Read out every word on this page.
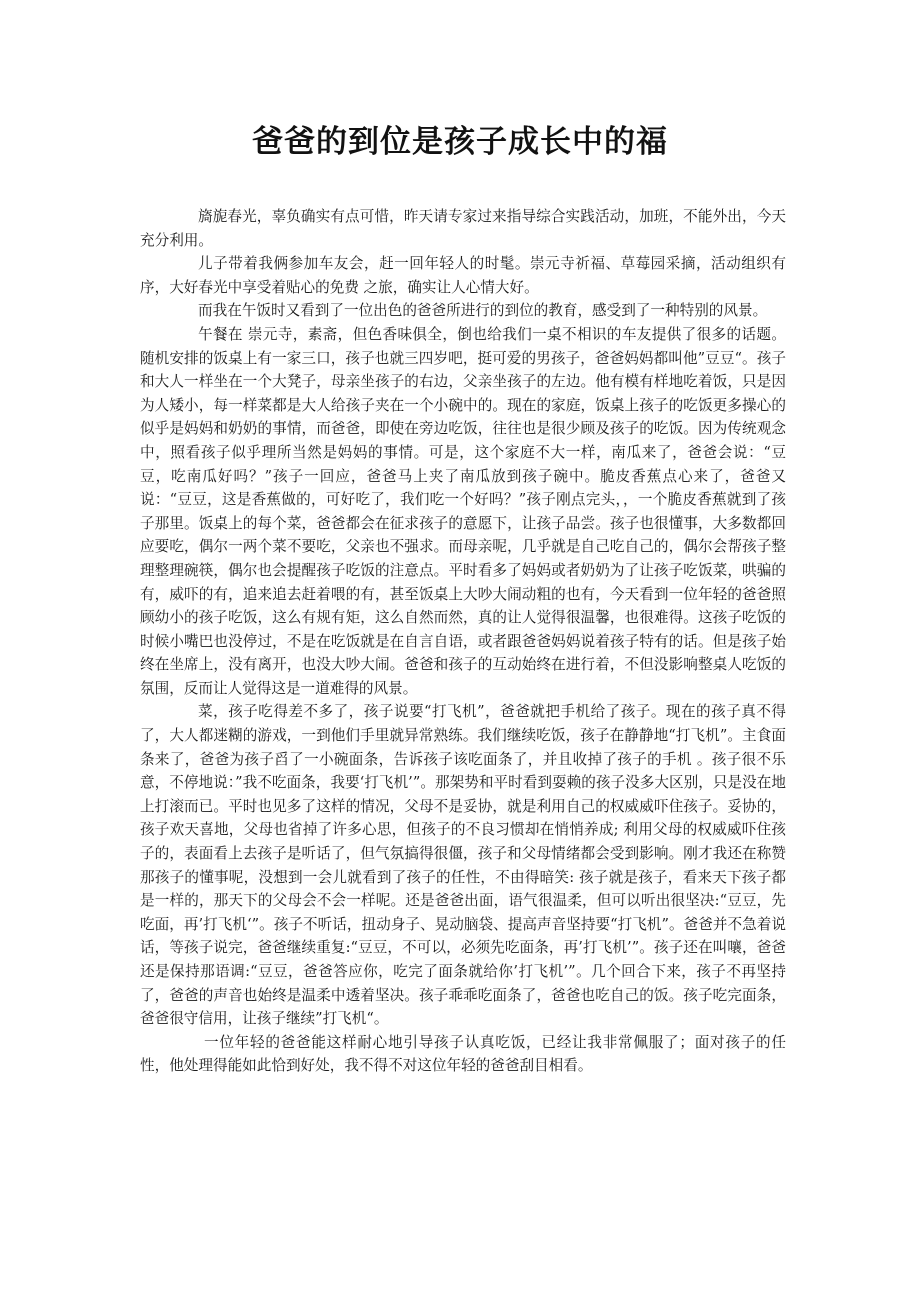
爸爸的到位是孩子成长中的福

旖旎春光，辜负确实有点可惜，昨天请专家过来指导综合实践活动，加班，不能外出，今天充分利用。

儿子带着我俩参加车友会，赶一回年轻人的时髦。崇元寺祈福、草莓园采摘，活动组织有序，大好春光中享受着贴心的免费 之旅，确实让人心情大好。

而我在午饭时又看到了一位出色的爸爸所进行的到位的教育，感受到了一种特别的风景。

午餐在 崇元寺，素斋，但色香味俱全，倒也给我们一桌不相识的车友提供了很多的话题。随机安排的饭桌上有一家三口，孩子也就三四岁吧，挺可爱的男孩子，爸爸妈妈都叫他”豆豆“。孩子和大人一样坐在一个大凳子，母亲坐孩子的右边，父亲坐孩子的左边。他有模有样地吃着饭，只是因为人矮小，每一样菜都是大人给孩子夹在一个小碗中的。现在的家庭，饭桌上孩子的吃饭更多操心的似乎是妈妈和奶奶的事情，而爸爸，即使在旁边吃饭，往往也是很少顾及孩子的吃饭。因为传统观念中，照看孩子似乎理所当然是妈妈的事情。可是，这个家庭不大一样，南瓜来了，爸爸会说：“豆豆，吃南瓜好吗？”孩子一回应，爸爸马上夹了南瓜放到孩子碗中。脆皮香蕉点心来了，爸爸又说：“豆豆，这是香蕉做的，可好吃了，我们吃一个好吗？”孩子刚点完头，，一个脆皮香蕉就到了孩子那里。饭桌上的每个菜，爸爸都会在征求孩子的意愿下，让孩子品尝。孩子也很懂事，大多数都回应要吃，偶尔一两个菜不要吃，父亲也不强求。而母亲呢，几乎就是自己吃自己的，偶尔会帮孩子整理整理碗筷，偶尔也会提醒孩子吃饭的注意点。平时看多了妈妈或者奶奶为了让孩子吃饭菜，哄骗的有，威吓的有，追来追去赶着喂的有，甚至饭桌上大吵大闹动粗的也有，今天看到一位年轻的爸爸照顾幼小的孩子吃饭，这么有规有矩，这么自然而然，真的让人觉得很温馨，也很难得。这孩子吃饭的时候小嘴巴也没停过，不是在吃饭就是在自言自语，或者跟爸爸妈妈说着孩子特有的话。但是孩子始终在坐席上，没有离开，也没大吵大闹。爸爸和孩子的互动始终在进行着，不但没影响整桌人吃饭的氛围，反而让人觉得这是一道难得的风景。

菜，孩子吃得差不多了，孩子说要“打飞机”，爸爸就把手机给了孩子。现在的孩子真不得了，大人都迷糊的游戏，一到他们手里就异常熟练。我们继续吃饭，孩子在静静地“打飞机”。主食面条来了，爸爸为孩子舀了一小碗面条，告诉孩子该吃面条了，并且收掉了孩子的手机 。孩子很不乐意，不停地说：”我不吃面条，我要‘打飞机’”。那架势和平时看到耍赖的孩子没多大区别，只是没在地上打滚而已。平时也见多了这样的情况，父母不是妥协，就是利用自己的权威威吓住孩子。妥协的，孩子欢天喜地，父母也省掉了许多心思，但孩子的不良习惯却在悄悄养成; 利用父母的权威威吓住孩子的，表面看上去孩子是听话了，但气氛搞得很僵，孩子和父母情绪都会受到影响。刚才我还在称赞那孩子的懂事呢，没想到一会儿就看到了孩子的任性，不由得暗笑: 孩子就是孩子，看来天下孩子都是一样的，那天下的父母会不会一样呢。还是爸爸出面，语气很温柔，但可以听出很坚决:“豆豆，先吃面，再’打飞机‘”。孩子不听话，扭动身子、晃动脑袋、提高声音坚持要“打飞机”。爸爸并不急着说话，等孩子说完，爸爸继续重复:“豆豆，不可以，必须先吃面条，再’打飞机’”。孩子还在叫嚷，爸爸还是保持那语调:“豆豆，爸爸答应你，吃完了面条就给你’打飞机’”。几个回合下来，孩子不再坚持了，爸爸的声音也始终是温柔中透着坚决。孩子乖乖吃面条了，爸爸也吃自己的饭。孩子吃完面条，爸爸很守信用，让孩子继续”打飞机“。

一位年轻的爸爸能这样耐心地引导孩子认真吃饭，已经让我非常佩服了；面对孩子的任性，他处理得能如此恰到好处，我不得不对这位年轻的爸爸刮目相看。
